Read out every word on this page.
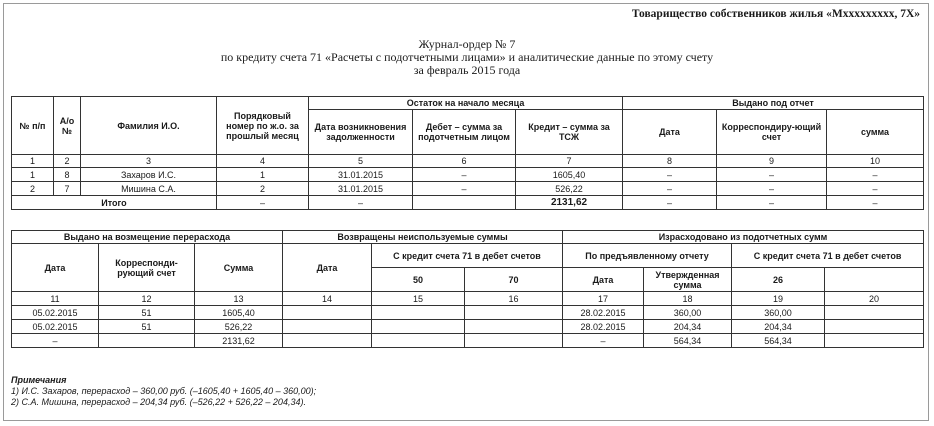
Товарищество собственников жилья «Мххххххххх, 7Х»
Журнал-ордер № 7
по кредиту счета 71 «Расчеты с подотчетными лицами» и аналитические данные по этому счету
за февраль 2015 года
№ п/п	А/о №	Фамилия И.О.	Порядковый номер по ж.о. за прошлый месяц	Остаток на начало месяца			Выдано под отчет		
				Дата возникновения задолженности	Дебет – сумма за подотчетным лицом	Кредит – сумма за ТСЖ	Дата	Корреспондиру-ющий счет	сумма
1	2	3	4	5	6	7	8	9	10
1	8	Захаров И.С.	1	31.01.2015	–	1605,40	–	–	–
2	7	Мишина С.А.	2	31.01.2015	–	526,22	–	–	–
Итого			–	–		2131,62	–	–	–
Выдано на возмещение перерасхода			Возвращены неиспользуемые суммы			Израсходовано из подотчетных сумм			
Дата	Корреспонди-рующий счет	Сумма	Дата	С кредит счета 71 в дебет счетов		По предъявленному отчету		С кредит счета 71 в дебет счетов	
				50	70	Дата	Утвержденная сумма	26	
11	12	13	14	15	16	17	18	19	20
05.02.2015	51	1605,40				28.02.2015	360,00	360,00	
05.02.2015	51	526,22				28.02.2015	204,34	204,34	
–		2131,62				–	564,34	564,34	
Примечания
1) И.С. Захаров, перерасход – 360,00 руб. (–1605,40 + 1605,40 – 360,00);
2) С.А. Мишина, перерасход – 204,34 руб. (–526,22 + 526,22 – 204,34).
